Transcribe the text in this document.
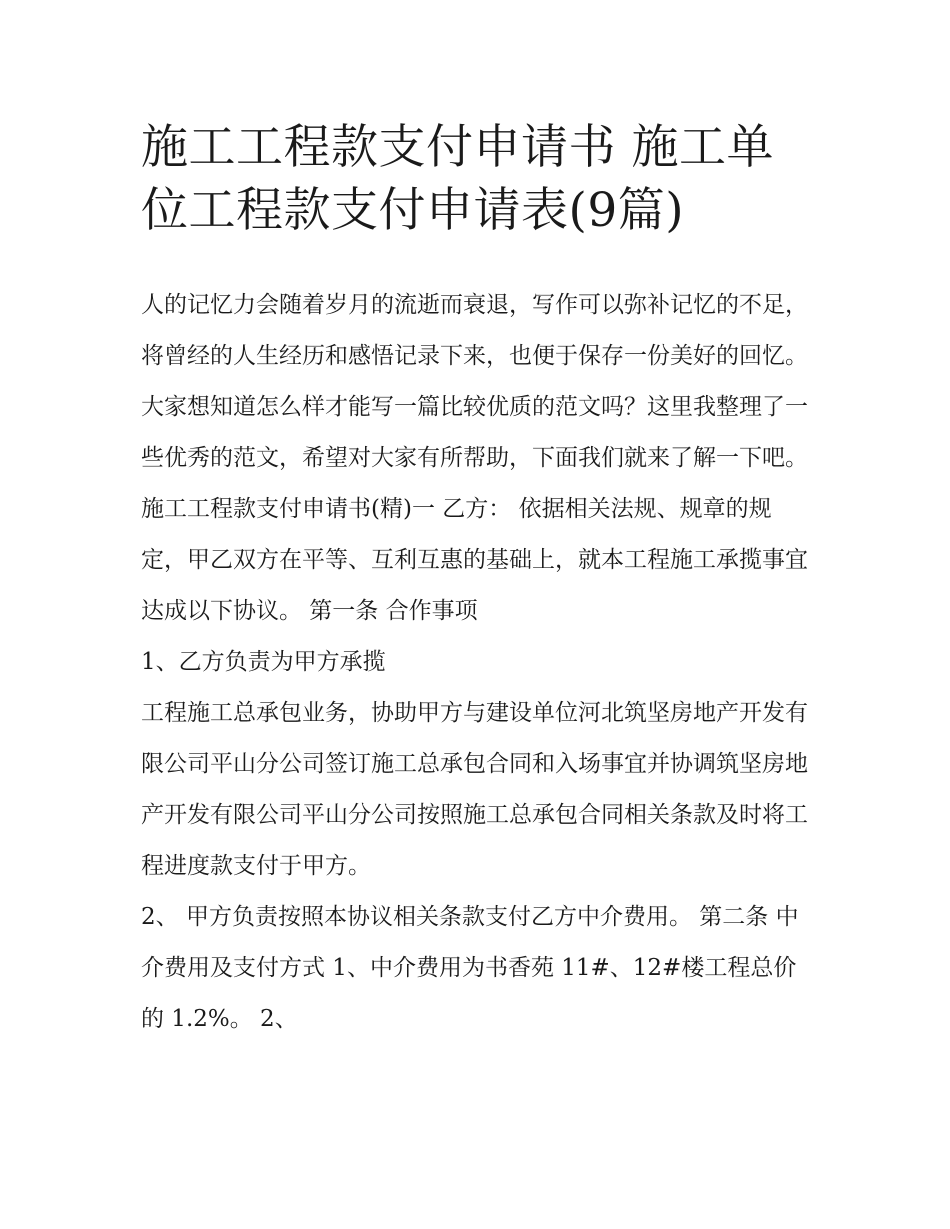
施工工程款支付申请书 施工单位工程款支付申请表(9篇)

人的记忆力会随着岁月的流逝而衰退，写作可以弥补记忆的不足，将曾经的人生经历和感悟记录下来，也便于保存一份美好的回忆。大家想知道怎么样才能写一篇比较优质的范文吗？这里我整理了一些优秀的范文，希望对大家有所帮助，下面我们就来了解一下吧。

施工工程款支付申请书(精)一 乙方： 依据相关法规、规章的规定，甲乙双方在平等、互利互惠的基础上，就本工程施工承揽事宜达成以下协议。 第一条 合作事项

1、乙方负责为甲方承揽

工程施工总承包业务，协助甲方与建设单位河北筑坚房地产开发有限公司平山分公司签订施工总承包合同和入场事宜并协调筑坚房地产开发有限公司平山分公司按照施工总承包合同相关条款及时将工程进度款支付于甲方。

2、 甲方负责按照本协议相关条款支付乙方中介费用。 第二条 中介费用及支付方式 1、中介费用为书香苑 11#、12#楼工程总价的 1.2%。 2、
